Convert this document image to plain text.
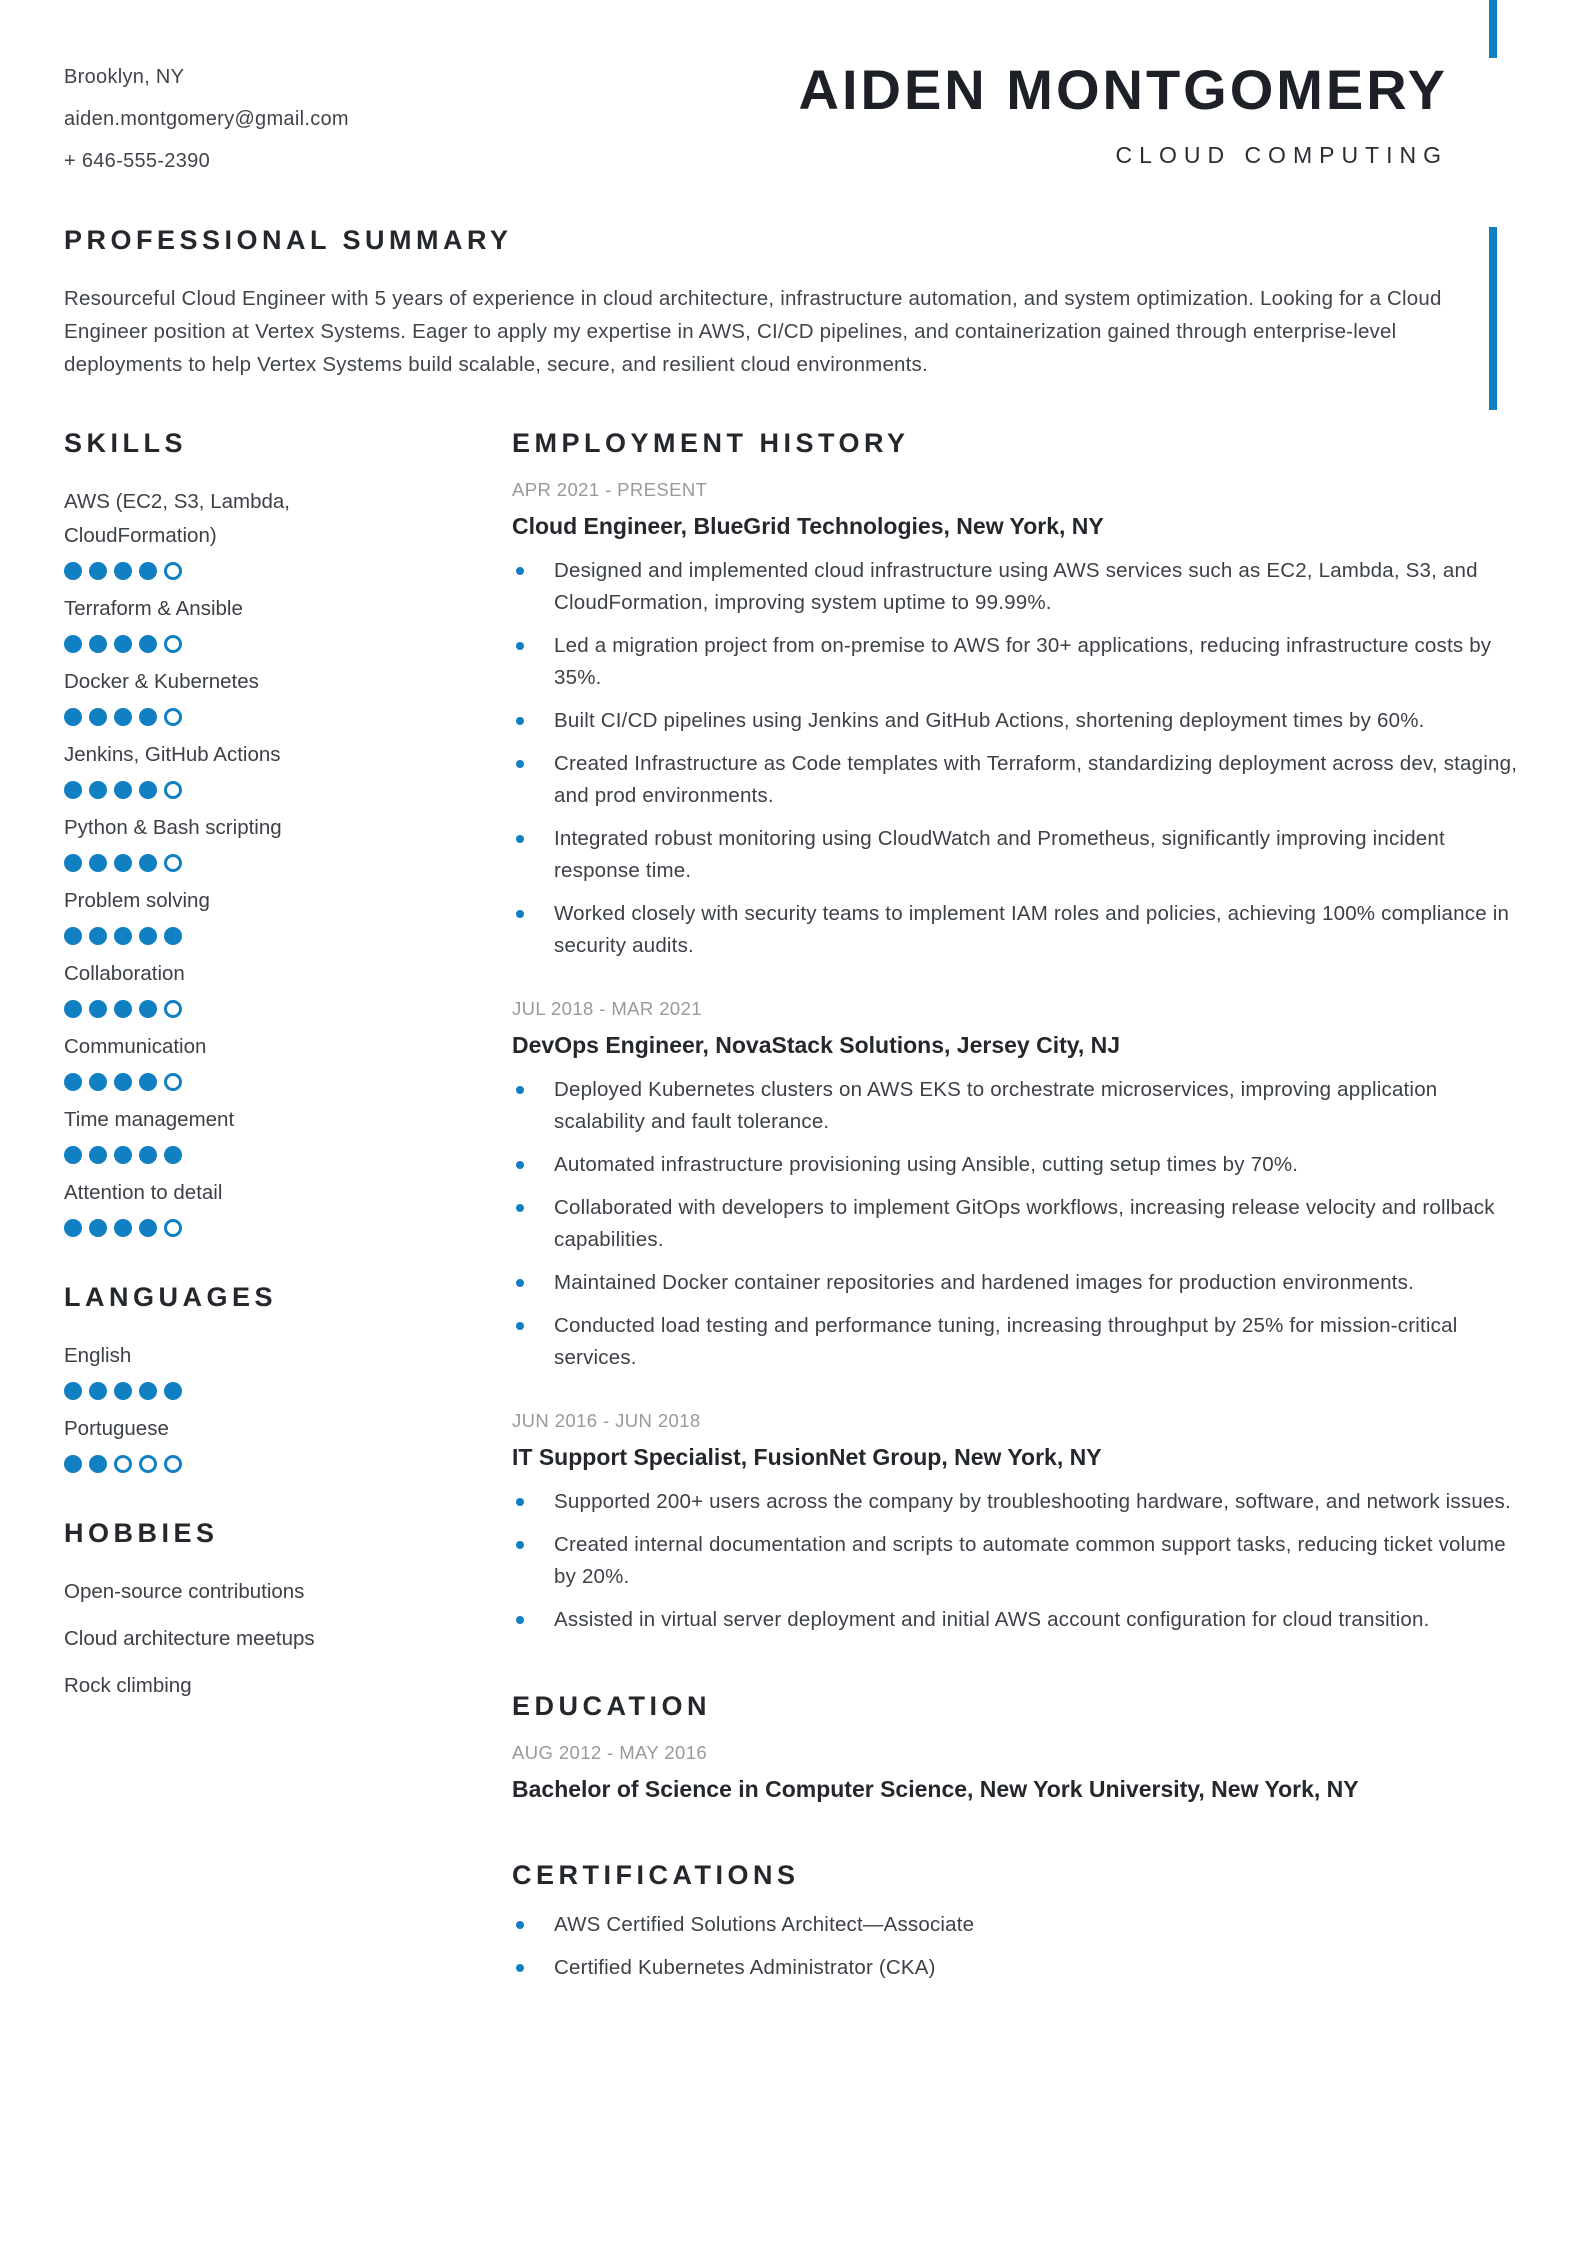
Brooklyn, NY
aiden.montgomery@gmail.com
+ 646-555-2390
AIDEN MONTGOMERY
CLOUD COMPUTING
PROFESSIONAL SUMMARY

Resourceful Cloud Engineer with 5 years of experience in cloud architecture, infrastructure automation, and system optimization. Looking for a Cloud Engineer position at Vertex Systems. Eager to apply my expertise in AWS, CI/CD pipelines, and containerization gained through enterprise-level deployments to help Vertex Systems build scalable, secure, and resilient cloud environments.

SKILLS
AWS (EC2, S3, Lambda, CloudFormation)
Terraform & Ansible
Docker & Kubernetes
Jenkins, GitHub Actions
Python & Bash scripting
Problem solving
Collaboration
Communication
Time management
Attention to detail
LANGUAGES
English
Portuguese
HOBBIES
Open-source contributions
Cloud architecture meetups
Rock climbing
EMPLOYMENT HISTORY
APR 2021 - PRESENT
Cloud Engineer, BlueGrid Technologies, New York, NY
Designed and implemented cloud infrastructure using AWS services such as EC2, Lambda, S3, and CloudFormation, improving system uptime to 99.99%.
Led a migration project from on-premise to AWS for 30+ applications, reducing infrastructure costs by 35%.
Built CI/CD pipelines using Jenkins and GitHub Actions, shortening deployment times by 60%.
Created Infrastructure as Code templates with Terraform, standardizing deployment across dev, staging, and prod environments.
Integrated robust monitoring using CloudWatch and Prometheus, significantly improving incident response time.
Worked closely with security teams to implement IAM roles and policies, achieving 100% compliance in security audits.
JUL 2018 - MAR 2021
DevOps Engineer, NovaStack Solutions, Jersey City, NJ
Deployed Kubernetes clusters on AWS EKS to orchestrate microservices, improving application scalability and fault tolerance.
Automated infrastructure provisioning using Ansible, cutting setup times by 70%.
Collaborated with developers to implement GitOps workflows, increasing release velocity and rollback capabilities.
Maintained Docker container repositories and hardened images for production environments.
Conducted load testing and performance tuning, increasing throughput by 25% for mission-critical services.
JUN 2016 - JUN 2018
IT Support Specialist, FusionNet Group, New York, NY
Supported 200+ users across the company by troubleshooting hardware, software, and network issues.
Created internal documentation and scripts to automate common support tasks, reducing ticket volume by 20%.
Assisted in virtual server deployment and initial AWS account configuration for cloud transition.
EDUCATION
AUG 2012 - MAY 2016
Bachelor of Science in Computer Science, New York University, New York, NY
CERTIFICATIONS
AWS Certified Solutions Architect—Associate
Certified Kubernetes Administrator (CKA)
